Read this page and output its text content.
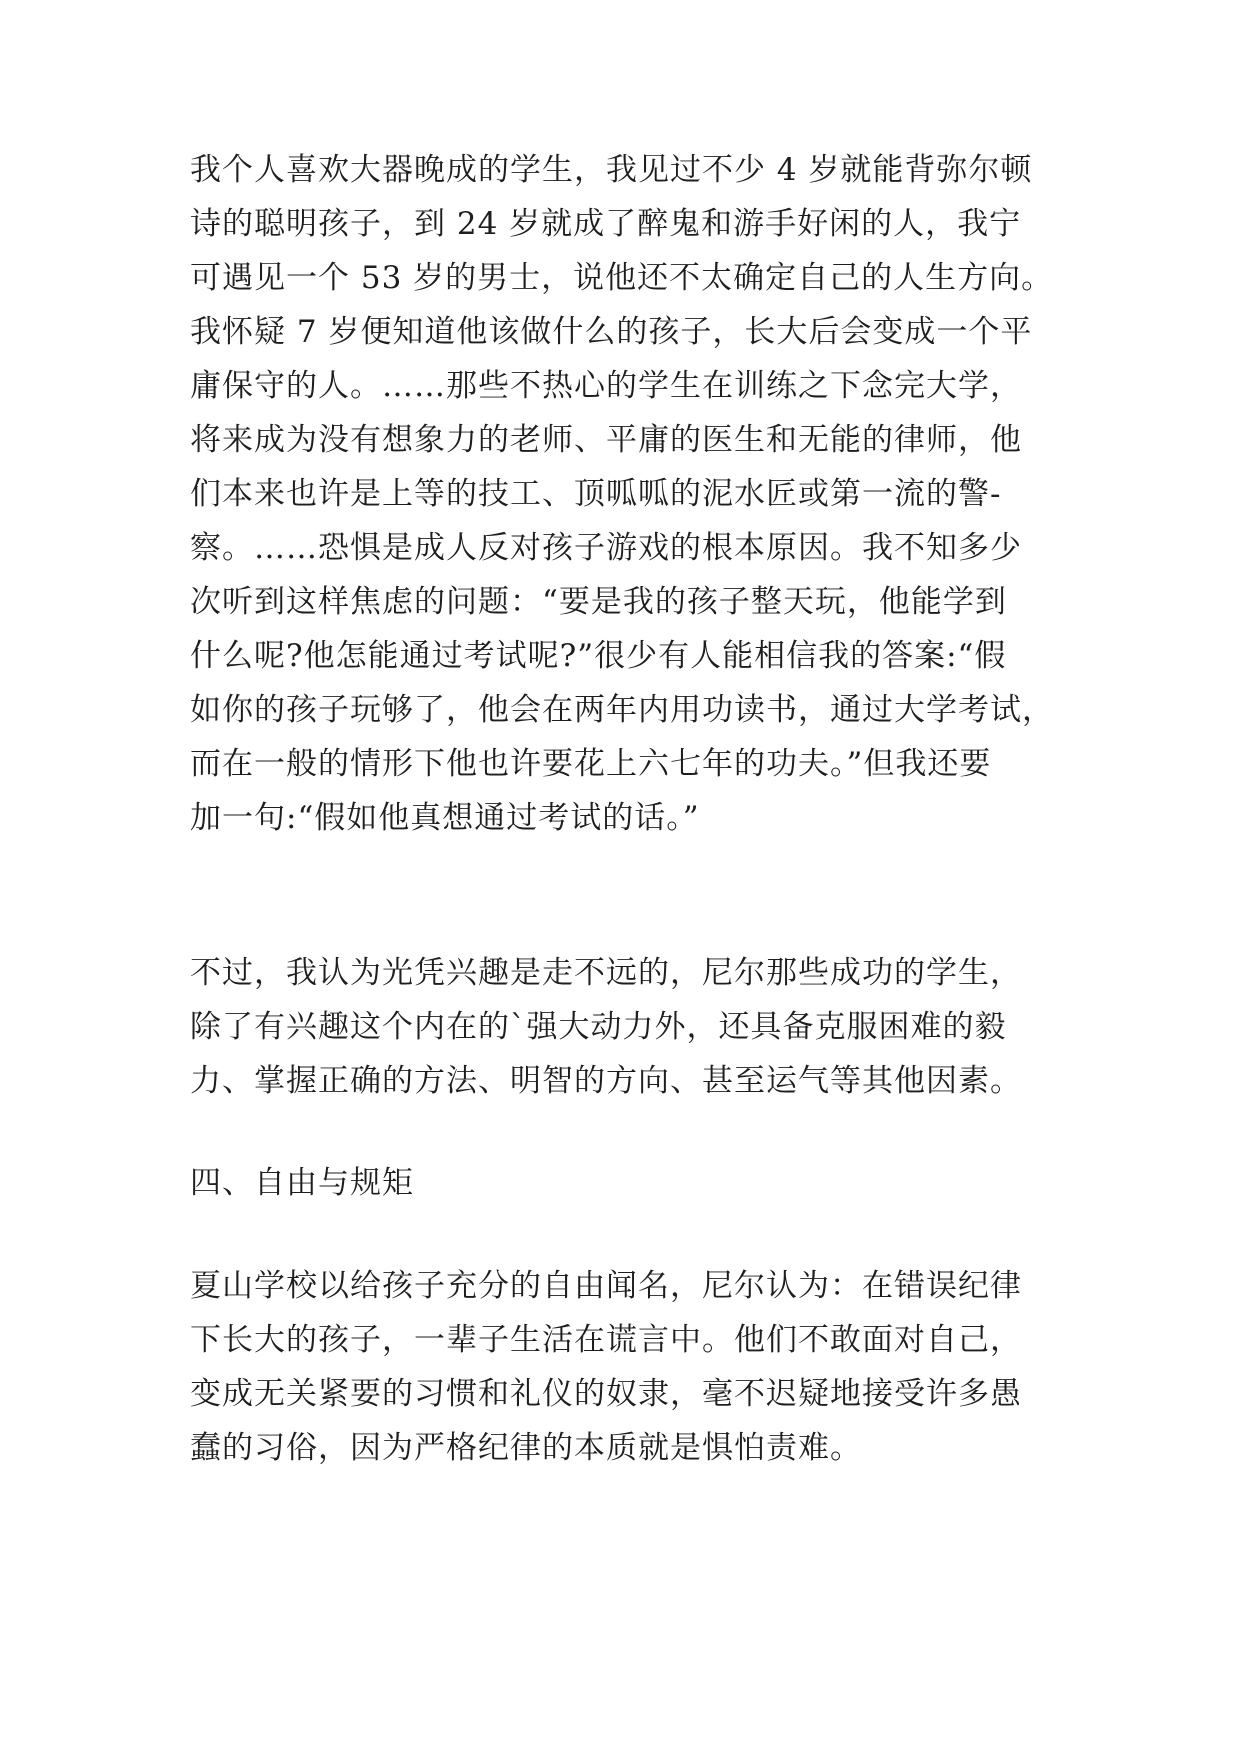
我个人喜欢大器晚成的学生，我见过不少 4 岁就能背弥尔顿

诗的聪明孩子，到 24 岁就成了醉鬼和游手好闲的人，我宁

可遇见一个 53 岁的男士，说他还不太确定自己的人生方向。

我怀疑 7 岁便知道他该做什么的孩子，长大后会变成一个平

庸保守的人。……那些不热心的学生在训练之下念完大学，

将来成为没有想象力的老师、平庸的医生和无能的律师，他

们本来也许是上等的技工、顶呱呱的泥水匠或第一流的警-

察。……恐惧是成人反对孩子游戏的根本原因。我不知多少

次听到这样焦虑的问题：“要是我的孩子整天玩，他能学到

什么呢?他怎能通过考试呢?”很少有人能相信我的答案:“假

如你的孩子玩够了，他会在两年内用功读书，通过大学考试，

而在一般的情形下他也许要花上六七年的功夫。”但我还要

加一句:“假如他真想通过考试的话。”

不过，我认为光凭兴趣是走不远的，尼尔那些成功的学生，

除了有兴趣这个内在的`强大动力外，还具备克服困难的毅

力、掌握正确的方法、明智的方向、甚至运气等其他因素。

四、自由与规矩

夏山学校以给孩子充分的自由闻名，尼尔认为：在错误纪律

下长大的孩子，一辈子生活在谎言中。他们不敢面对自己，

变成无关紧要的习惯和礼仪的奴隶，毫不迟疑地接受许多愚

蠢的习俗，因为严格纪律的本质就是惧怕责难。
